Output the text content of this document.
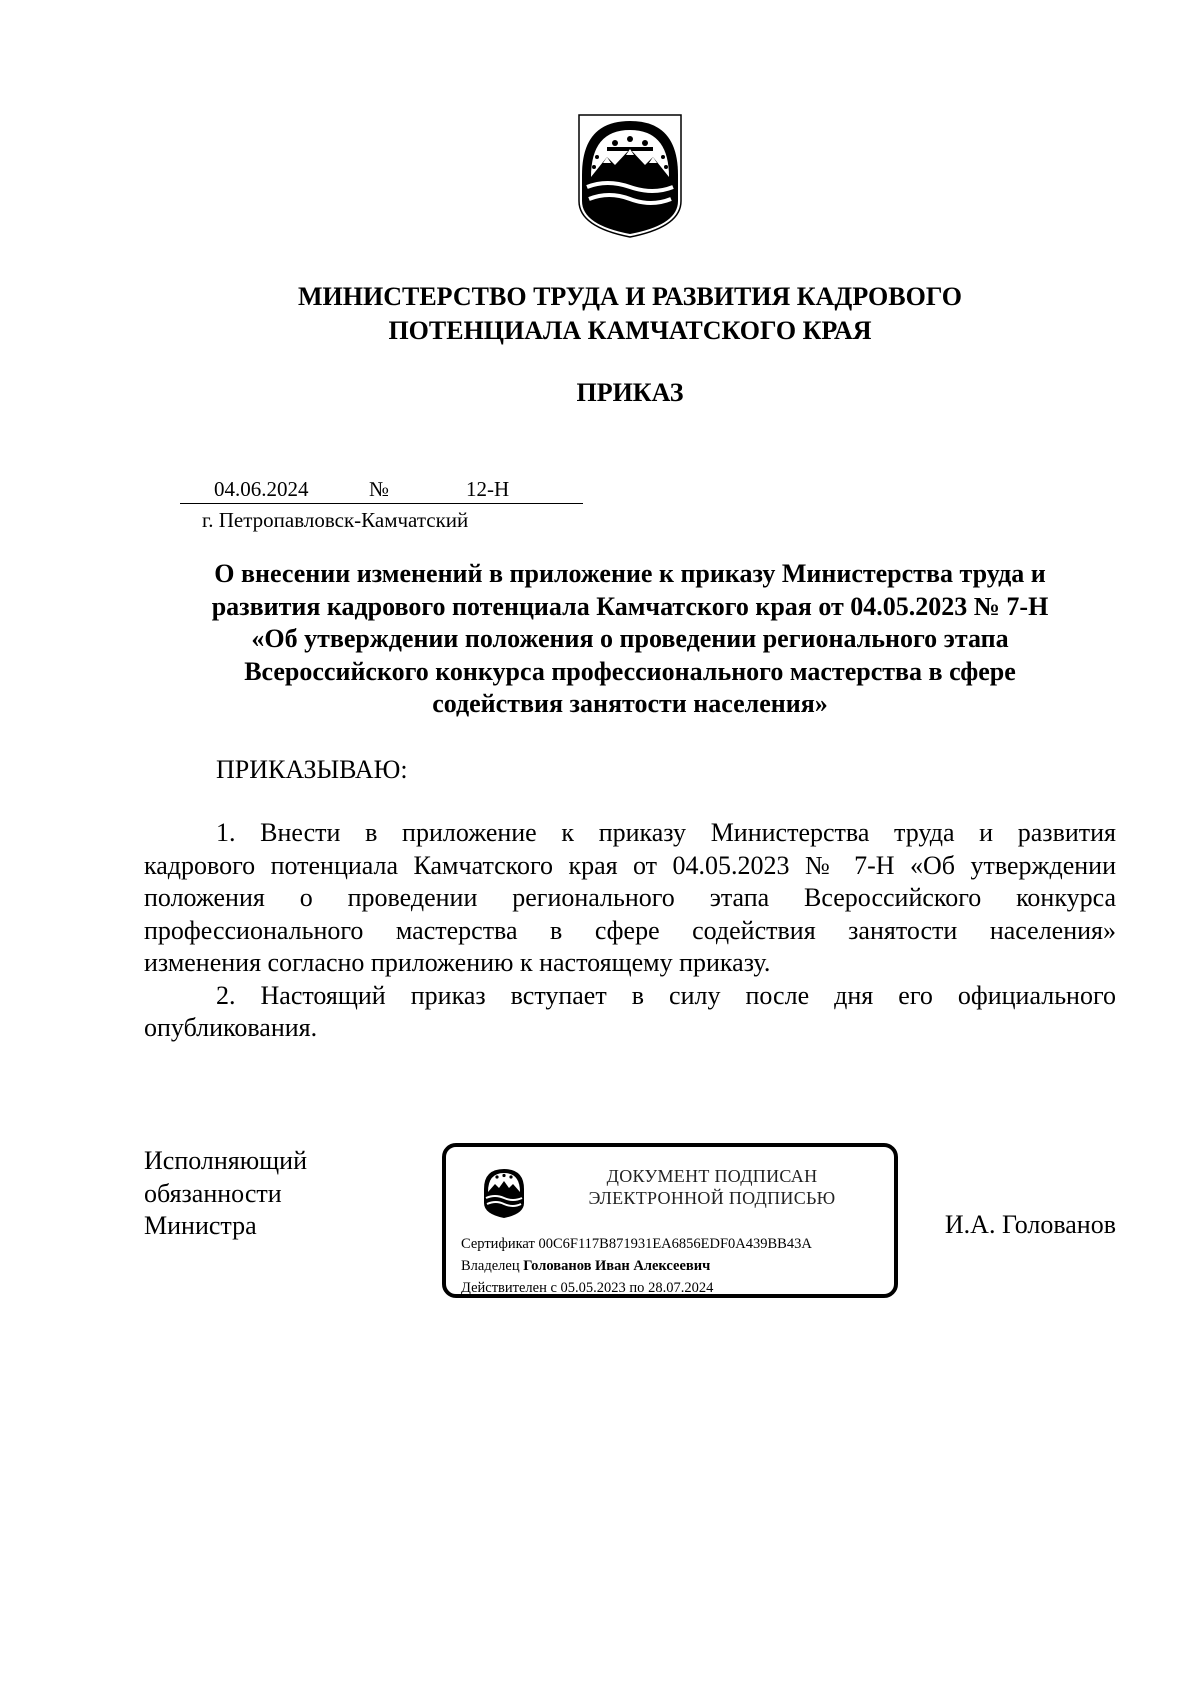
МИНИСТЕРСТВО ТРУДА И РАЗВИТИЯ КАДРОВОГО
ПОТЕНЦИАЛА КАМЧАТСКОГО КРАЯ
ПРИКАЗ
04.06.2024	№	12-Н
г. Петропавловск-Камчатский
О внесении изменений в приложение к приказу Министерства труда и
развития кадрового потенциала Камчатского края от 04.05.2023 № 7-Н
«Об утверждении положения о проведении регионального этапа
Всероссийского конкурса профессионального мастерства в сфере
содействия занятости населения»
ПРИКАЗЫВАЮ:
1. Внести в приложение к приказу Министерства труда и развития
кадрового потенциала Камчатского края от 04.05.2023 № 7-Н «Об утверждении
положения о проведении регионального этапа Всероссийского конкурса
профессионального мастерства в сфере содействия занятости населения»
изменения согласно приложению к настоящему приказу.
2. Настоящий приказ вступает в силу после дня его официального
опубликования.
Исполняющий
обязанности
Министра
ДОКУМЕНТ ПОДПИСАН
ЭЛЕКТРОННОЙ ПОДПИСЬЮ
Сертификат 00C6F117B871931EA6856EDF0A439BB43A
Владелец Голованов Иван Алексеевич
Действителен с 05.05.2023 по 28.07.2024
И.А. Голованов
